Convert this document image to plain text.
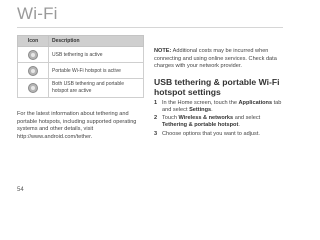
Wi-Fi
Icon	Description
	USB tethering is active
	Portable Wi-Fi hotspot is active
	Both USB tethering and portable hotspot are active
For the latest information about tethering and portable hotspots, including supported operating systems and other details, visit http://www.android.com/tether.

NOTE: Additional costs may be incurred when connecting and using online services. Check data charges with your network provider.

USB tethering & portable Wi-Fi hotspot settings
1 In the Home screen, touch the Applications tab and select Settings.
2 Touch Wireless & networks and select Tethering & portable hotspot.
3 Choose options that you want to adjust.
54
